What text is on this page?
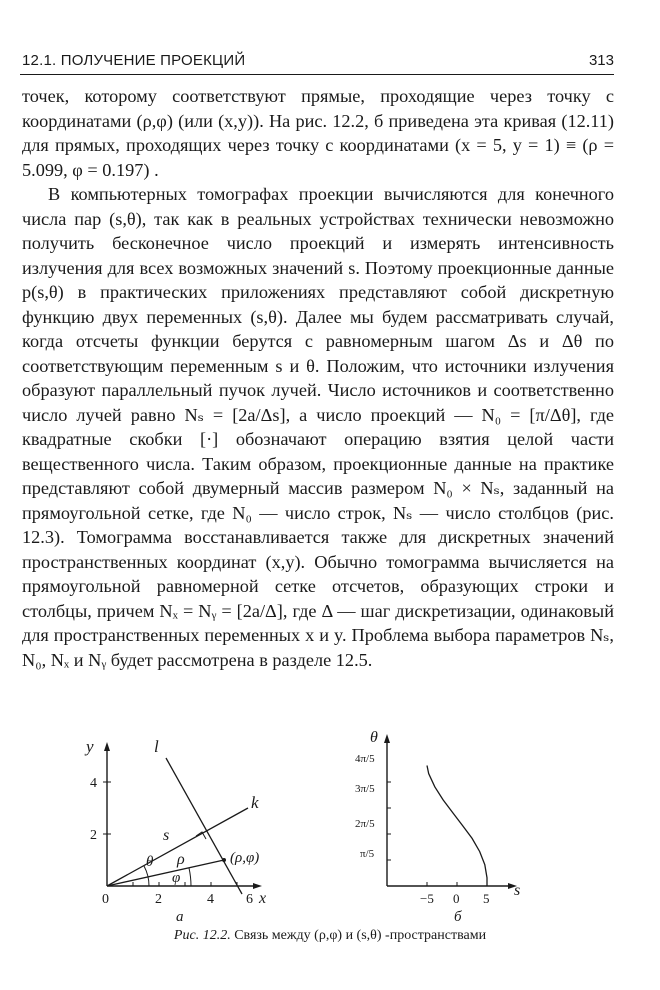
12.1. ПОЛУЧЕНИЕ ПРОЕКЦИЙ	313

точек, которому соответствуют прямые, проходящие через точку с координатами (ρ,φ) (или (x,y)). На рис. 12.2, б приведена эта кривая (12.11) для прямых, проходящих через точку с координатами (x = 5, y = 1) ≡ (ρ = 5.099, φ = 0.197) .

В компьютерных томографах проекции вычисляются для конечного числа пар (s,θ), так как в реальных устройствах технически невозможно получить бесконечное число проекций и измерять интенсивность излучения для всех возможных значений s. Поэтому проекционные данные p(s,θ) в практических приложениях представляют собой дискретную функцию двух переменных (s,θ). Далее мы будем рассматривать случай, когда отсчеты функции берутся с равномерным шагом Δs и Δθ по соответствующим переменным s и θ. Положим, что источники излучения образуют параллельный пучок лучей. Число источников и соответственно число лучей равно Nₛ = [2a/Δs], а число проекций — N₀ = [π/Δθ], где квадратные скобки [·] обозначают операцию взятия целой части вещественного числа. Таким образом, проекционные данные на практике представляют собой двумерный массив размером N₀ × Nₛ, заданный на прямоугольной сетке, где N₀ — число строк, Nₛ — число столбцов (рис. 12.3). Томограмма восстанавливается также для дискретных значений пространственных координат (x,y). Обычно томограмма вычисляется на прямоугольной равномерной сетке отсчетов, образующих строки и столбцы, причем Nₓ = Nᵧ = [2a/Δ], где Δ — шаг дискретизации, одинаковый для пространственных переменных x и y. Проблема выбора параметров Nₛ, N₀, Nₓ и Nᵧ будет рассмотрена в разделе 12.5.

y
2
4
0	2	4 6 x
l
k
s
ρ
θ
φ
(ρ,φ)
а
θ
π/5
2π/5
3π/5
4π/5
−5 0 5 s
б
Рис. 12.2. Связь между (ρ,φ) и (s,θ) -пространствами
